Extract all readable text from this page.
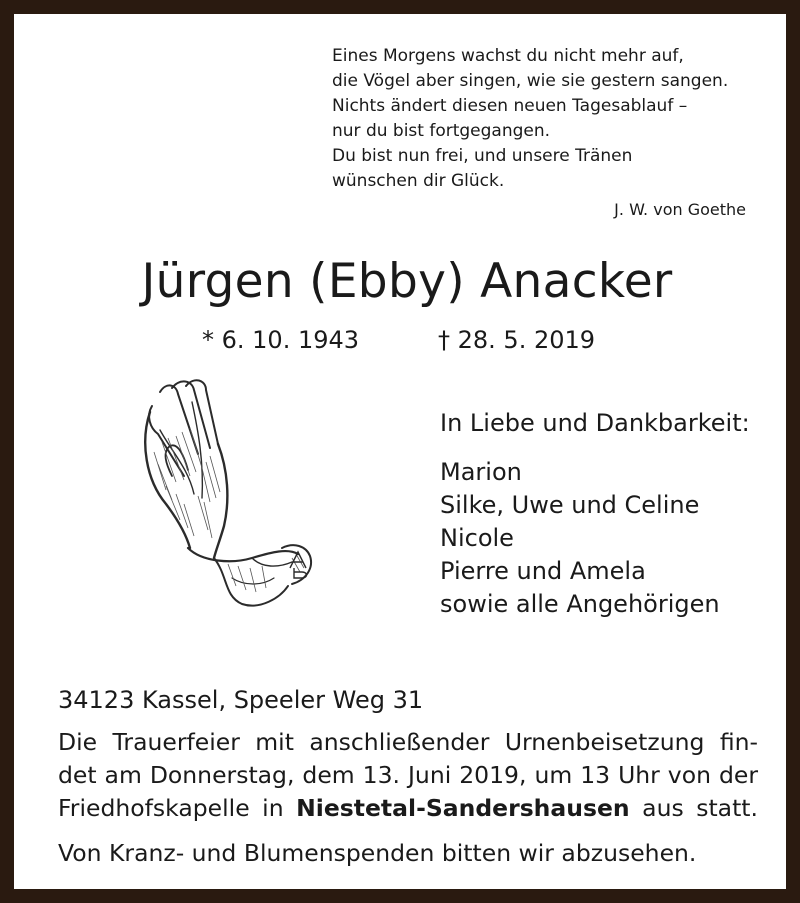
Eines Morgens wachst du nicht mehr auf,
die Vögel aber singen, wie sie gestern sangen.
Nichts ändert diesen neuen Tagesablauf –
nur du bist fortgegangen.
Du bist nun frei, und unsere Tränen
wünschen dir Glück.
J. W. von Goethe
Jürgen (Ebby) Anacker
* 6. 10. 1943	† 28. 5. 2019
In Liebe und Dankbarkeit:
Marion
Silke, Uwe und Celine
Nicole
Pierre und Amela
sowie alle Angehörigen
34123 Kassel, Speeler Weg 31
Die Trauerfeier mit anschließender Urnenbeisetzung fin-
det am Donnerstag, dem 13. Juni 2019, um 13 Uhr von der
Friedhofskapelle in Niestetal-Sandershausen aus statt.
Von Kranz- und Blumenspenden bitten wir abzusehen.
